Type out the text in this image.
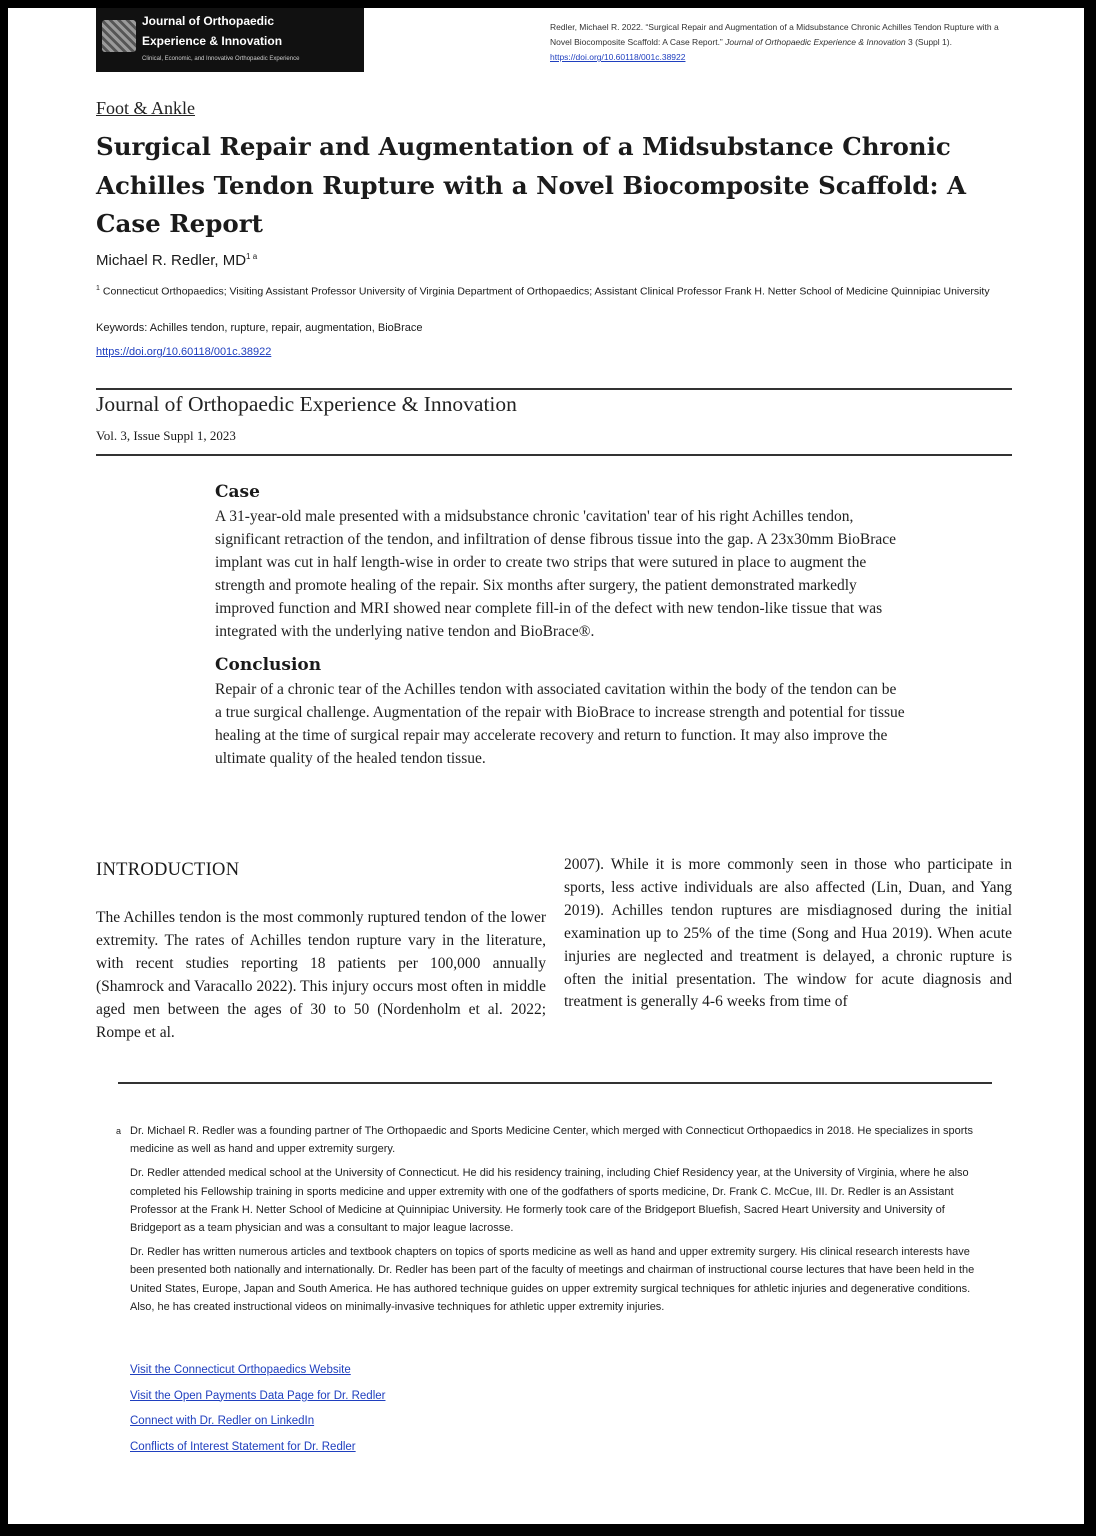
Journal of Orthopaedic
Experience & Innovation
Clinical, Economic, and Innovative Orthopaedic Experience
Redler, Michael R. 2022. “Surgical Repair and Augmentation of a Midsubstance Chronic Achilles Tendon Rupture with a Novel Biocomposite Scaffold: A Case Report.” Journal of Orthopaedic Experience & Innovation 3 (Suppl 1). https://doi.org/10.60118/001c.38922
Foot & Ankle
Surgical Repair and Augmentation of a Midsubstance Chronic Achilles Tendon Rupture with a Novel Biocomposite Scaffold: A Case Report
Michael R. Redler, $MD^{1 a}$
$^1$ Connecticut Orthopaedics; Visiting Assistant Professor University of Virginia Department of Orthopaedics; Assistant Clinical Professor Frank H. Netter School of Medicine Quinnipiac University
Keywords: Achilles tendon, rupture, repair, augmentation, BioBrace
https://doi.org/10.60118/001c.38922
Journal of Orthopaedic Experience & Innovation
Vol. 3, Issue Suppl 1, 2023
Case

A 31-year-old male presented with a midsubstance chronic 'cavitation' tear of his right Achilles tendon, significant retraction of the tendon, and infiltration of dense fibrous tissue into the gap. A 23x30mm BioBrace implant was cut in half length-wise in order to create two strips that were sutured in place to augment the strength and promote healing of the repair. Six months after surgery, the patient demonstrated markedly improved function and MRI showed near complete fill-in of the defect with new tendon-like tissue that was integrated with the underlying native tendon and BioBrace®.

Conclusion

Repair of a chronic tear of the Achilles tendon with associated cavitation within the body of the tendon can be a true surgical challenge. Augmentation of the repair with BioBrace to increase strength and potential for tissue healing at the time of surgical repair may accelerate recovery and return to function. It may also improve the ultimate quality of the healed tendon tissue.

INTRODUCTION

The Achilles tendon is the most commonly ruptured tendon of the lower extremity. The rates of Achilles tendon rupture vary in the literature, with recent studies reporting 18 patients per 100,000 annually (Shamrock and Varacallo 2022). This injury occurs most often in middle aged men between the ages of 30 to 50 (Nordenholm et al. 2022; Rompe et al.

2007). While it is more commonly seen in those who participate in sports, less active individuals are also affected (Lin, Duan, and Yang 2019). Achilles tendon ruptures are misdiagnosed during the initial examination up to 25% of the time (Song and Hua 2019). When acute injuries are neglected and treatment is delayed, a chronic rupture is often the initial presentation. The window for acute diagnosis and treatment is generally 4-6 weeks from time of

a Dr. Michael R. Redler was a founding partner of The Orthopaedic and Sports Medicine Center, which merged with Connecticut Orthopaedics in 2018. He specializes in sports medicine as well as hand and upper extremity surgery.
Dr. Redler attended medical school at the University of Connecticut. He did his residency training, including Chief Residency year, at the University of Virginia, where he also completed his Fellowship training in sports medicine and upper extremity with one of the godfathers of sports medicine, Dr. Frank C. McCue, III. Dr. Redler is an Assistant Professor at the Frank H. Netter School of Medicine at Quinnipiac University. He formerly took care of the Bridgeport Bluefish, Sacred Heart University and University of Bridgeport as a team physician and was a consultant to major league lacrosse.
Dr. Redler has written numerous articles and textbook chapters on topics of sports medicine as well as hand and upper extremity surgery. His clinical research interests have been presented both nationally and internationally. Dr. Redler has been part of the faculty of meetings and chairman of instructional course lectures that have been held in the United States, Europe, Japan and South America. He has authored technique guides on upper extremity surgical techniques for athletic injuries and degenerative conditions. Also, he has created instructional videos on minimally-invasive techniques for athletic upper extremity injuries.
Visit the Connecticut Orthopaedics Website
Visit the Open Payments Data Page for Dr. Redler
Connect with Dr. Redler on LinkedIn
Conflicts of Interest Statement for Dr. Redler
